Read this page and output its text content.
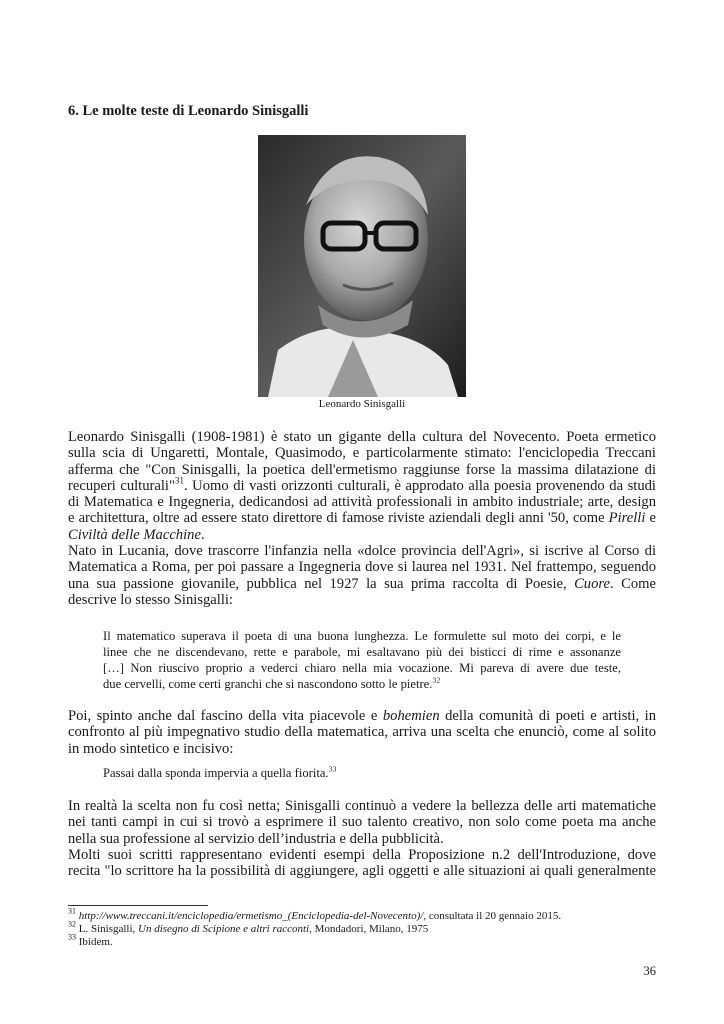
6. Le molte teste di Leonardo Sinisgalli
Leonardo Sinisgalli
Leonardo Sinisgalli (1908-1981) è stato un gigante della cultura del Novecento. Poeta ermetico
sulla scia di Ungaretti, Montale, Quasimodo, e particolarmente stimato: l'enciclopedia Treccani
afferma che "Con Sinisgalli, la poetica dell'ermetismo raggiunse forse la massima dilatazione di
recuperi culturali"$^{31}$. Uomo di vasti orizzonti culturali, è approdato alla poesia provenendo da studi
di Matematica e Ingegneria, dedicandosi ad attività professionali in ambito industriale; arte, design
e architettura, oltre ad essere stato direttore di famose riviste aziendali degli anni '50, come Pirelli e
Civiltà delle Macchine.
Nato in Lucania, dove trascorre l'infanzia nella «dolce provincia dell'Agri», si iscrive al Corso di
Matematica a Roma, per poi passare a Ingegneria dove si laurea nel 1931. Nel frattempo, seguendo
una sua passione giovanile, pubblica nel 1927 la sua prima raccolta di Poesie, Cuore. Come
descrive lo stesso Sinisgalli:
Il matematico superava il poeta di una buona lunghezza. Le formulette sul moto dei corpi, e le
linee che ne discendevano, rette e parabole, mi esaltavano più dei bisticci di rime e assonanze
[…] Non riuscivo proprio a vederci chiaro nella mia vocazione. Mi pareva di avere due teste,
due cervelli, come certi granchi che si nascondono sotto le pietre.$^{32}$
Poi, spinto anche dal fascino della vita piacevole e bohemien della comunità di poeti e artisti, in
confronto al più impegnativo studio della matematica, arriva una scelta che enunciò, come al solito
in modo sintetico e incisivo:
Passai dalla sponda impervia a quella fiorita.$^{33}$
In realtà la scelta non fu così netta; Sinisgalli continuò a vedere la bellezza delle arti matematiche
nei tanti campi in cui si trovò a esprimere il suo talento creativo, non solo come poeta ma anche
nella sua professione al servizio dell’industria e della pubblicità.
Molti suoi scritti rappresentano evidenti esempi della Proposizione n.2 dell'Introduzione, dove
recita "lo scrittore ha la possibilità di aggiungere, agli oggetti e alle situazioni ai quali generalmente
$^{31}$ http://www.treccani.it/enciclopedia/ermetismo_(Enciclopedia-del-Novecento)/, consultata il 20 gennaio 2015.
$^{32}$ L. Sinisgalli, Un disegno di Scipione e altri racconti, Mondadori, Milano, 1975
$^{33}$ Ibidem.
36
